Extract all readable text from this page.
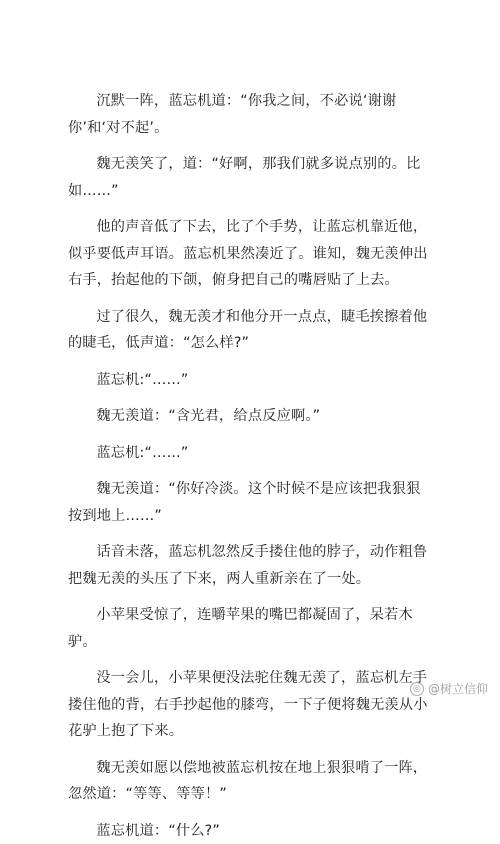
沉默一阵，蓝忘机道：“你我之间，不必说‘谢谢你’和‘对不起’。

魏无羡笑了，道：“好啊，那我们就多说点别的。比如……”

他的声音低了下去，比了个手势，让蓝忘机靠近他，似乎要低声耳语。蓝忘机果然凑近了。谁知，魏无羡伸出右手，抬起他的下颌，俯身把自己的嘴唇贴了上去。

过了很久，魏无羡才和他分开一点点，睫毛挨擦着他的睫毛，低声道：“怎么样?”

蓝忘机:“……”

魏无羡道：“含光君，给点反应啊。”

蓝忘机:“……”

魏无羡道：“你好冷淡。这个时候不是应该把我狠狠按到地上……”

话音未落，蓝忘机忽然反手搂住他的脖子，动作粗鲁把魏无羡的头压了下来，两人重新亲在了一处。

小苹果受惊了，连嚼苹果的嘴巴都凝固了，呆若木驴。

没一会儿，小苹果便没法驼住魏无羡了，蓝忘机左手搂住他的背，右手抄起他的膝弯，一下子便将魏无羡从小花驴上抱了下来。

魏无羡如愿以偿地被蓝忘机按在地上狠狠啃了一阵，忽然道：“等等、等等！”

蓝忘机道：“什么?”

◎ @树立信仰
